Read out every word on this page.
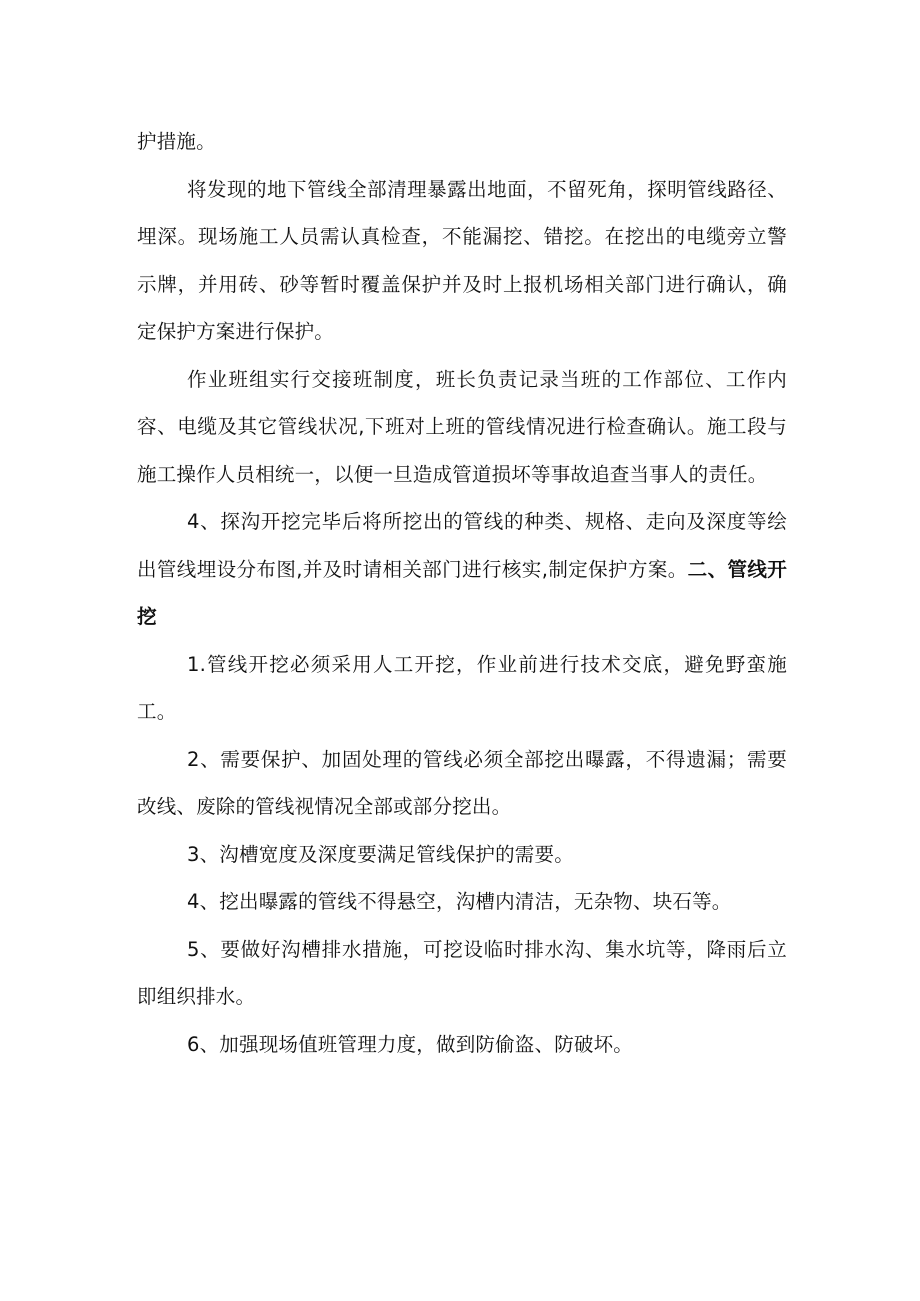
护措施。

将发现的地下管线全部清理暴露出地面，不留死角，探明管线路径、埋深。现场施工人员需认真检查，不能漏挖、错挖。在挖出的电缆旁立警示牌，并用砖、砂等暂时覆盖保护并及时上报机场相关部门进行确认，确定保护方案进行保护。

作业班组实行交接班制度，班长负责记录当班的工作部位、工作内容、电缆及其它管线状况,下班对上班的管线情况进行检查确认。施工段与施工操作人员相统一，以便一旦造成管道损坏等事故追查当事人的责任。

4、探沟开挖完毕后将所挖出的管线的种类、规格、走向及深度等绘出管线埋设分布图,并及时请相关部门进行核实,制定保护方案。二、管线开挖

1.管线开挖必须采用人工开挖，作业前进行技术交底，避免野蛮施工。

2、需要保护、加固处理的管线必须全部挖出曝露，不得遗漏；需要改线、废除的管线视情况全部或部分挖出。

3、沟槽宽度及深度要满足管线保护的需要。

4、挖出曝露的管线不得悬空，沟槽内清洁，无杂物、块石等。

5、要做好沟槽排水措施，可挖设临时排水沟、集水坑等，降雨后立即组织排水。

6、加强现场值班管理力度，做到防偷盗、防破坏。
